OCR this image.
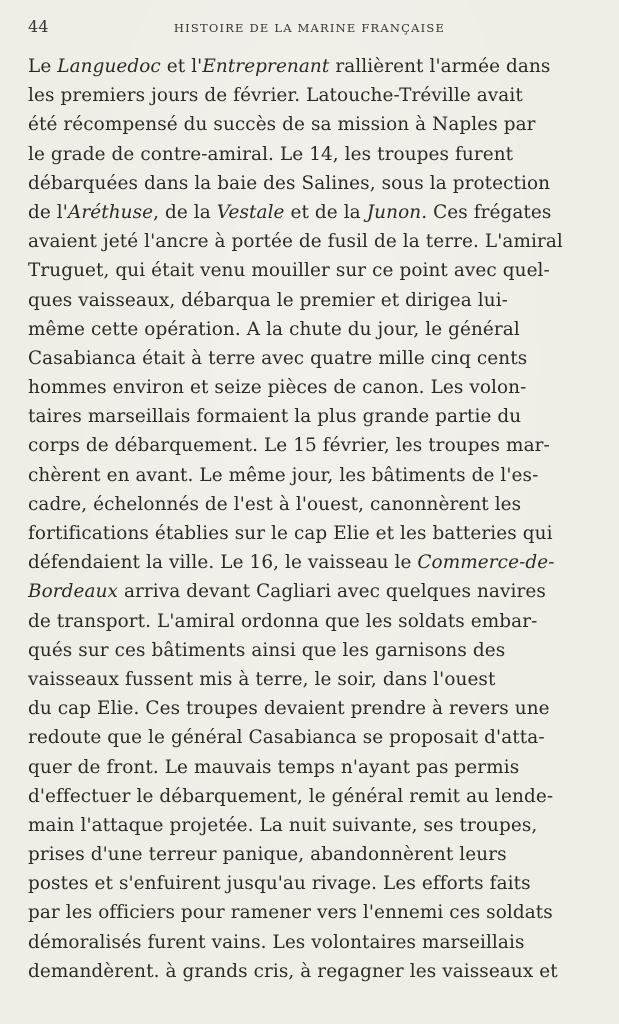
44	HISTOIRE DE LA MARINE FRANÇAISE
Le Languedoc et l'Entreprenant rallièrent l'armée dans
les premiers jours de février. Latouche-Tréville avait
été récompensé du succès de sa mission à Naples par
le grade de contre-amiral. Le 14, les troupes furent
débarquées dans la baie des Salines, sous la protection
de l'Aréthuse, de la Vestale et de la Junon. Ces frégates
avaient jeté l'ancre à portée de fusil de la terre. L'amiral
Truguet, qui était venu mouiller sur ce point avec quel-
ques vaisseaux, débarqua le premier et dirigea lui-
même cette opération. A la chute du jour, le général
Casabianca était à terre avec quatre mille cinq cents
hommes environ et seize pièces de canon. Les volon-
taires marseillais formaient la plus grande partie du
corps de débarquement. Le 15 février, les troupes mar-
chèrent en avant. Le même jour, les bâtiments de l'es-
cadre, échelonnés de l'est à l'ouest, canonnèrent les
fortifications établies sur le cap Elie et les batteries qui
défendaient la ville. Le 16, le vaisseau le Commerce-de-
Bordeaux arriva devant Cagliari avec quelques navires
de transport. L'amiral ordonna que les soldats embar-
qués sur ces bâtiments ainsi que les garnisons des
vaisseaux fussent mis à terre, le soir, dans l'ouest
du cap Elie. Ces troupes devaient prendre à revers une
redoute que le général Casabianca se proposait d'atta-
quer de front. Le mauvais temps n'ayant pas permis
d'effectuer le débarquement, le général remit au lende-
main l'attaque projetée. La nuit suivante, ses troupes,
prises d'une terreur panique, abandonnèrent leurs
postes et s'enfuirent jusqu'au rivage. Les efforts faits
par les officiers pour ramener vers l'ennemi ces soldats
démoralisés furent vains. Les volontaires marseillais
demandèrent. à grands cris, à regagner les vaisseaux et
